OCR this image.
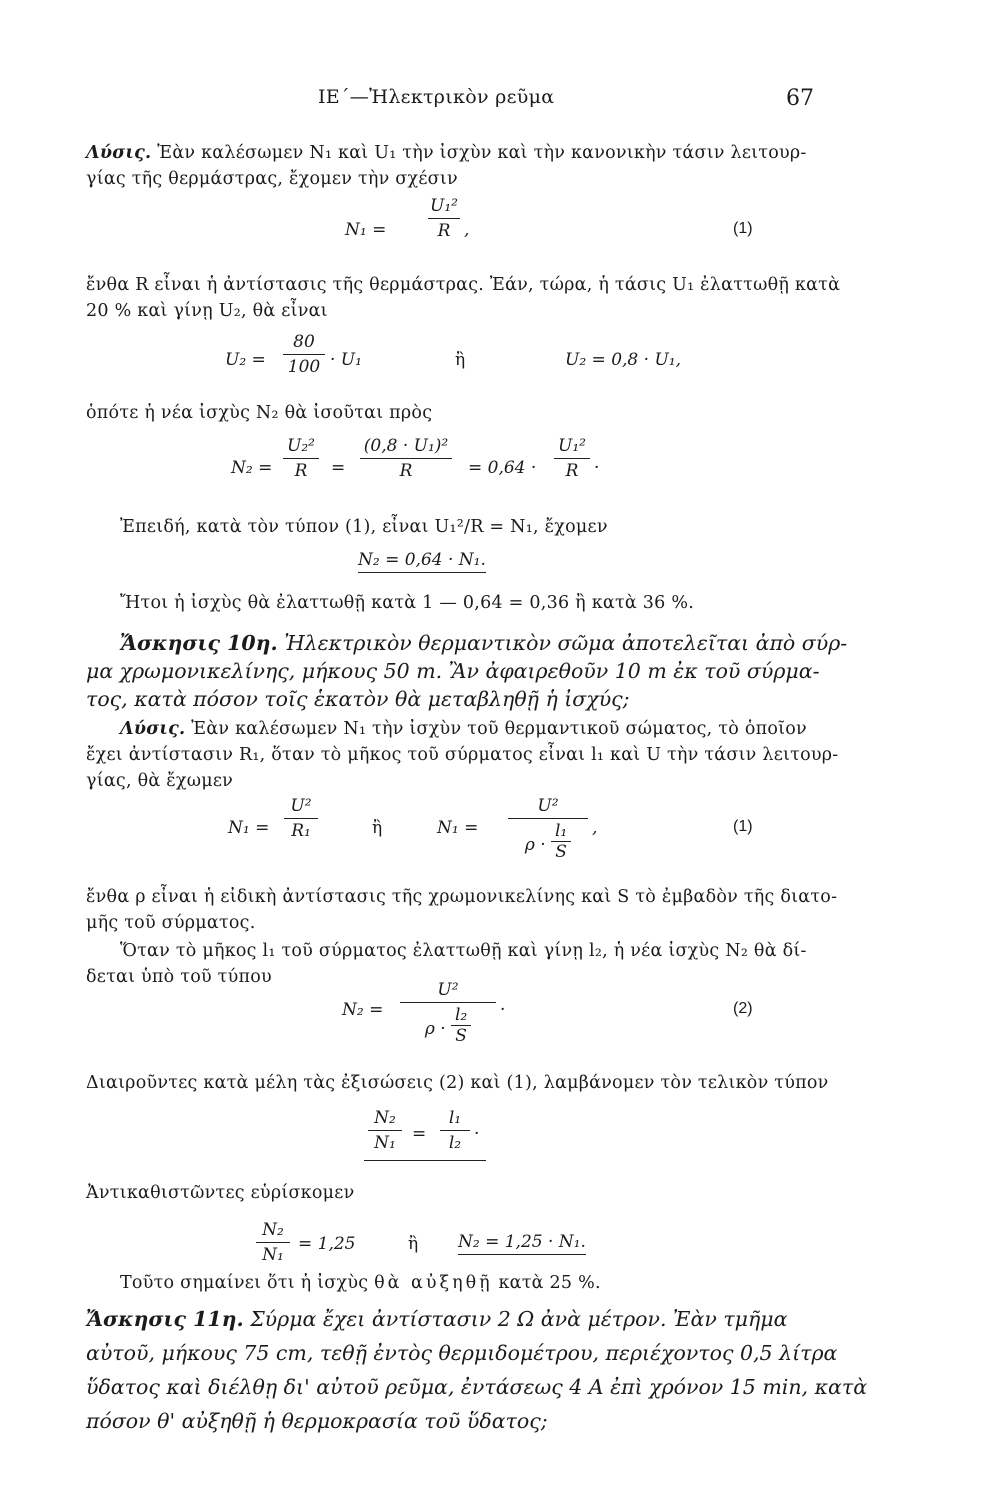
ΙΕ΄—Ἠλεκτρικὸν ρεῦμα	67
Λύσις. Ἐὰν καλέσωμεν N₁ καὶ U₁ τὴν ἰσχὺν καὶ τὴν κανονικὴν τάσιν λειτουρ-
γίας τῆς θερμάστρας, ἔχομεν τὴν σχέσιν
N₁ =
U₁²
R ,	(1)
ἔνθα R εἶναι ἡ ἀντίστασις τῆς θερμάστρας. Ἐάν, τώρα, ἡ τάσις U₁ ἐλαττωθῇ κατὰ
20 % καὶ γίνῃ U₂, θὰ εἶναι
U₂ =
80
100 · U₁	ἢ	U₂ = 0,8 · U₁,
ὁπότε ἡ νέα ἰσχὺς N₂ θὰ ἰσοῦται πρὸς
N₂ =
U₂²
R	=
(0,8 · U₁)²
R	= 0,64 ·
U₁²
R ·
Ἐπειδή, κατὰ τὸν τύπον (1), εἶναι U₁²/R = N₁, ἔχομεν
N₂ = 0,64 · N₁.
Ἤτοι ἡ ἰσχὺς θὰ ἐλαττωθῇ κατὰ 1 — 0,64 = 0,36 ἢ κατὰ 36 %.
Ἄσκησις 10η. Ἠλεκτρικὸν θερμαντικὸν σῶμα ἀποτελεῖται ἀπὸ σύρ-
μα χρωμονικελίνης, μήκους 50 m. Ἂν ἀφαιρεθοῦν 10 m ἐκ τοῦ σύρμα-
τος, κατὰ πόσον τοῖς ἑκατὸν θὰ μεταβληθῇ ἡ ἰσχύς;
Λύσις. Ἐὰν καλέσωμεν N₁ τὴν ἰσχὺν τοῦ θερμαντικοῦ σώματος, τὸ ὁποῖον
ἔχει ἀντίστασιν R₁, ὅταν τὸ μῆκος τοῦ σύρματος εἶναι l₁ καὶ U τὴν τάσιν λειτουρ-
γίας, θὰ ἔχωμεν
N₁ =
U²
R₁	ἢ	N₁ =
U²
$\rho \cdot \frac{\text{l₁}}{S}$ ,	(1)
ἔνθα ρ εἶναι ἡ εἰδικὴ ἀντίστασις τῆς χρωμονικελίνης καὶ S τὸ ἐμβαδὸν τῆς διατο-
μῆς τοῦ σύρματος.
Ὅταν τὸ μῆκος l₁ τοῦ σύρματος ἐλαττωθῇ καὶ γίνῃ l₂, ἡ νέα ἰσχὺς N₂ θὰ δί-
δεται ὑπὸ τοῦ τύπου
N₂ =
U²
$\rho \cdot \frac{\text{l₂}}{S}$ ·	(2)
Διαιροῦντες κατὰ μέλη τὰς ἐξισώσεις (2) καὶ (1), λαμβάνομεν τὸν τελικὸν τύπον
N₂
N₁ =
l₁
l₂ ·
Ἀντικαθιστῶντες εὑρίσκομεν
N₂
N₁
= 1,25	ἢ N₂ = 1,25 · N₁.
Τοῦτο σημαίνει ὅτι ἡ ἰσχὺς θὰ αὐξηθῇ κατὰ 25 %.
Ἄσκησις 11η. Σύρμα ἔχει ἀντίστασιν 2 Ω ἀνὰ μέτρον. Ἐὰν τμῆμα
αὐτοῦ, μήκους 75 cm, τεθῇ ἐντὸς θερμιδομέτρου, περιέχοντος 0,5 λίτρα
ὕδατος καὶ διέλθῃ δι' αὐτοῦ ρεῦμα, ἐντάσεως 4 A ἐπὶ χρόνον 15 min, κατὰ
πόσον θ' αὐξηθῇ ἡ θερμοκρασία τοῦ ὕδατος;
